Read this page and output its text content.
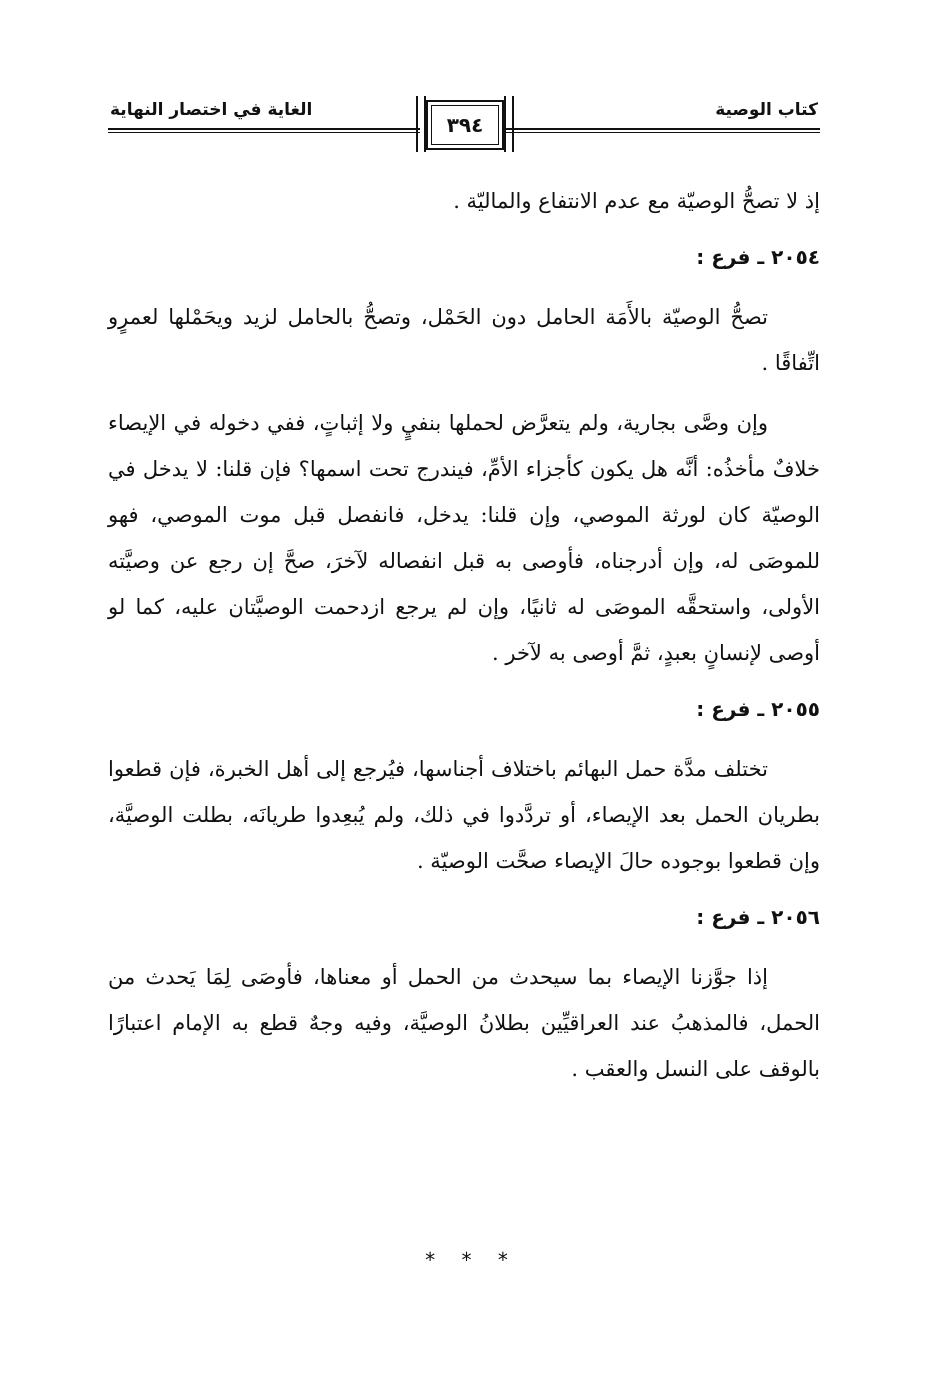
كتاب الوصية
الغاية في اختصار النهاية
٣٩٤

إذ لا تصحُّ الوصيّة مع عدم الانتفاع والماليّة .

٢٠٥٤ ـ فرع :

تصحُّ الوصيّة بالأَمَة الحامل دون الحَمْل، وتصحُّ بالحامل لزيد ويحَمْلها لعمرٍو اتِّفاقًا .

وإن وصَّى بجارية، ولم يتعرَّض لحملها بنفيٍ ولا إثباتٍ، ففي دخوله في الإيصاء خلافٌ مأخذُه: أنَّه هل يكون كأجزاء الأمِّ، فيندرج تحت اسمها؟ فإن قلنا: لا يدخل في الوصيّة كان لورثة الموصي، وإن قلنا: يدخل، فانفصل قبل موت الموصي، فهو للموصَى له، وإن أدرجناه، فأوصى به قبل انفصاله لآخرَ، صحَّ إن رجع عن وصيَّته الأولى، واستحقَّه الموصَى له ثانيًا، وإن لم يرجع ازدحمت الوصيَّتان عليه، كما لو أوصى لإنسانٍ بعبدٍ، ثمَّ أوصى به لآخر .

٢٠٥٥ ـ فرع :

تختلف مدَّة حمل البهائم باختلاف أجناسها، فيُرجع إلى أهل الخبرة، فإن قطعوا بطريان الحمل بعد الإيصاء، أو تردَّدوا في ذلك، ولم يُبعِدوا طريانَه، بطلت الوصيَّة، وإن قطعوا بوجوده حالَ الإيصاء صحَّت الوصيّة .

٢٠٥٦ ـ فرع :

إذا جوَّزنا الإيصاء بما سيحدث من الحمل أو معناها، فأوصَى لِمَا يَحدث من الحمل، فالمذهبُ عند العراقيِّين بطلانُ الوصيَّة، وفيه وجهٌ قطع به الإمام اعتبارًا بالوقف على النسل والعقب .

* * *
